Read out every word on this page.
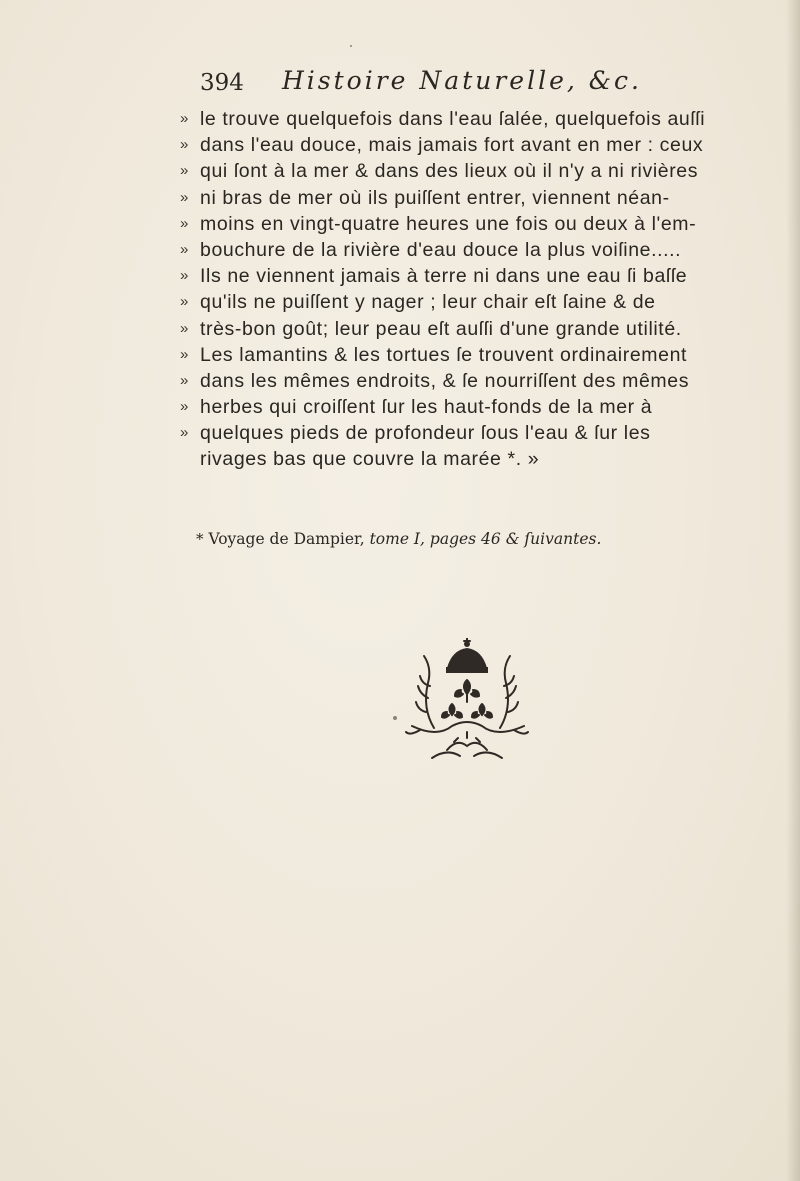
394 Histoire Naturelle, &c.
» le trouve quelquefois dans l'eau ſalée, quelquefois auſſi
» dans l'eau douce, mais jamais fort avant en mer : ceux
» qui ſont à la mer & dans des lieux où il n'y a ni rivières
» ni bras de mer où ils puiſſent entrer, viennent néan-
» moins en vingt-quatre heures une fois ou deux à l'em-
» bouchure de la rivière d'eau douce la plus voiſine.....
» Ils ne viennent jamais à terre ni dans une eau ſi baſſe
» qu'ils ne puiſſent y nager ; leur chair eſt ſaine & de
» très-bon goût; leur peau eſt auſſi d'une grande utilité.
» Les lamantins & les tortues ſe trouvent ordinairement
» dans les mêmes endroits, & ſe nourriſſent des mêmes
» herbes qui croiſſent ſur les haut-fonds de la mer à
» quelques pieds de profondeur ſous l'eau & ſur les
rivages bas que couvre la marée *. »
* Voyage de Dampier, tome I, pages 46 & ſuivantes.
